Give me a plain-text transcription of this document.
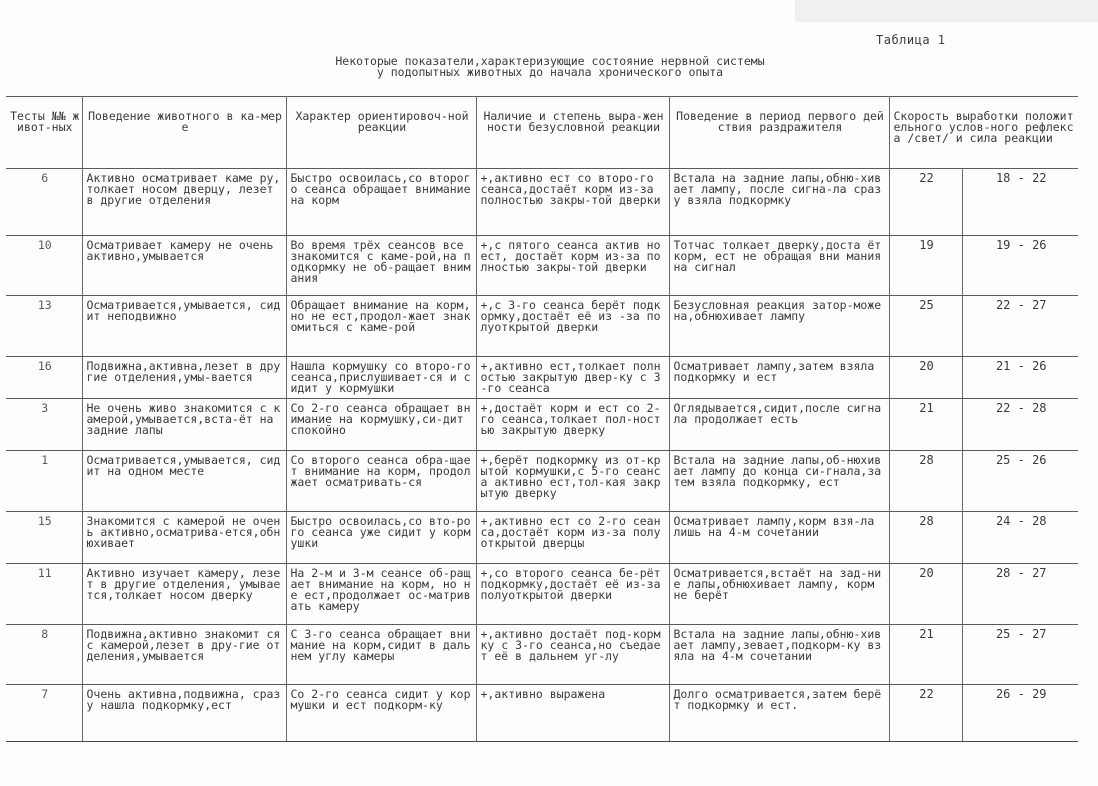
Таблица 1
Некоторые показатели,характеризующие состояние нервной системы
у подопытных животных до начала хронического опыта
Тесты №№ живот-ных	Поведение животного в ка-мере	Характер ориентировоч-ной реакции	Наличие и степень выра-женности безусловной реакции	Поведение в период первого действия раздражителя	Скорость выработки положительного услов-ного рефлекса /свет/ и сила реакции	
6	Активно осматривает каме ру,толкает носом дверцу, лезет в другие отделения	Быстро освоилась,со второго сеанса обращает внимание на корм	+,активно ест со второ-го сеанса,достаёт корм из-за полностью закры-той дверки	Встала на задние лапы,обню-хивает лампу, после сигна-ла сразу взяла подкормку	22	18 - 22
10	Осматривает камеру не очень активно,умывается	Во время трёх сеансов все знакомится с каме-рой,на подкормку не об-ращает внимания	+,с пятого сеанса актив но ест, достаёт корм из-за полностью закры-той дверки	Тотчас толкает дверку,доста ёт корм, ест не обращая вни мания на сигнал	19	19 - 26
13	Осматривается,умывается, сидит неподвижно	Обращает внимание на корм,но не ест,продол-жает знакомиться с каме-рой	+,с 3-го сеанса берёт подкормку,достаёт её из -за полуоткрытой дверки	Безусловная реакция затор-можена,обнюхивает лампу	25	22 - 27
16	Подвижна,активна,лезет в другие отделения,умы-вается	Нашла кормушку со второ-го сеанса,прислушивает-ся и сидит у кормушки	+,активно ест,толкает полностью закрытую двер-ку с 3-го сеанса	Осматривает лампу,затем взяла подкормку и ест	20	21 - 26
3	Не очень живо знакомится с камерой,умывается,вста-ёт на задние лапы	Со 2-го сеанса обращает внимание на кормушку,си-дит спокойно	+,достаёт корм и ест со 2-го сеанса,толкает пол-ностью закрытую дверку	Оглядывается,сидит,после сигнала продолжает есть	21	22 - 28
1	Осматривается,умывается, сидит на одном месте	Со второго сеанса обра-щает внимание на корм, продолжает осматривать-ся	+,берёт подкормку из от-крытой кормушки,с 5-го сеанса активно ест,тол-кая закрытую дверку	Встала на задние лапы,об-нюхивает лампу до конца си-гнала,затем взяла подкормку, ест	28	25 - 26
15	Знакомится с камерой не очень активно,осматрива-ется,обнюхивает	Быстро освоилась,со вто-рого сеанса уже сидит у кормушки	+,активно ест со 2-го сеанса,достаёт корм из-за полуоткрытой дверцы	Осматривает лампу,корм взя-ла лишь на 4-м сочетании	28	24 - 28
11	Активно изучает камеру, лезет в другие отделения, умывается,толкает носом дверку	На 2-м и 3-м сеансе об-ращает внимание на корм, но не ест,продолжает ос-матривать камеру	+,со второго сеанса бе-рёт подкормку,достаёт её из-за полуоткрытой дверки	Осматривается,встаёт на зад-ние лапы,обнюхивает лампу, корм не берёт	20	28 - 27
8	Подвижна,активно знакомит ся с камерой,лезет в дру-гие отделения,умывается	С 3-го сеанса обращает внимание на корм,сидит в дальнем углу камеры	+,активно достаёт под-кормку с 3-го сеанса,но съедает её в дальнем уг-лу	Встала на задние лапы,обню-хивает лампу,зевает,подкорм-ку взяла на 4-м сочетании	21	25 - 27
7	Очень активна,подвижна, сразу нашла подкормку,ест	Со 2-го сеанса сидит у кормушки и ест подкорм-ку	+,активно выражена	Долго осматривается,затем берёт подкормку и ест.	22	26 - 29
